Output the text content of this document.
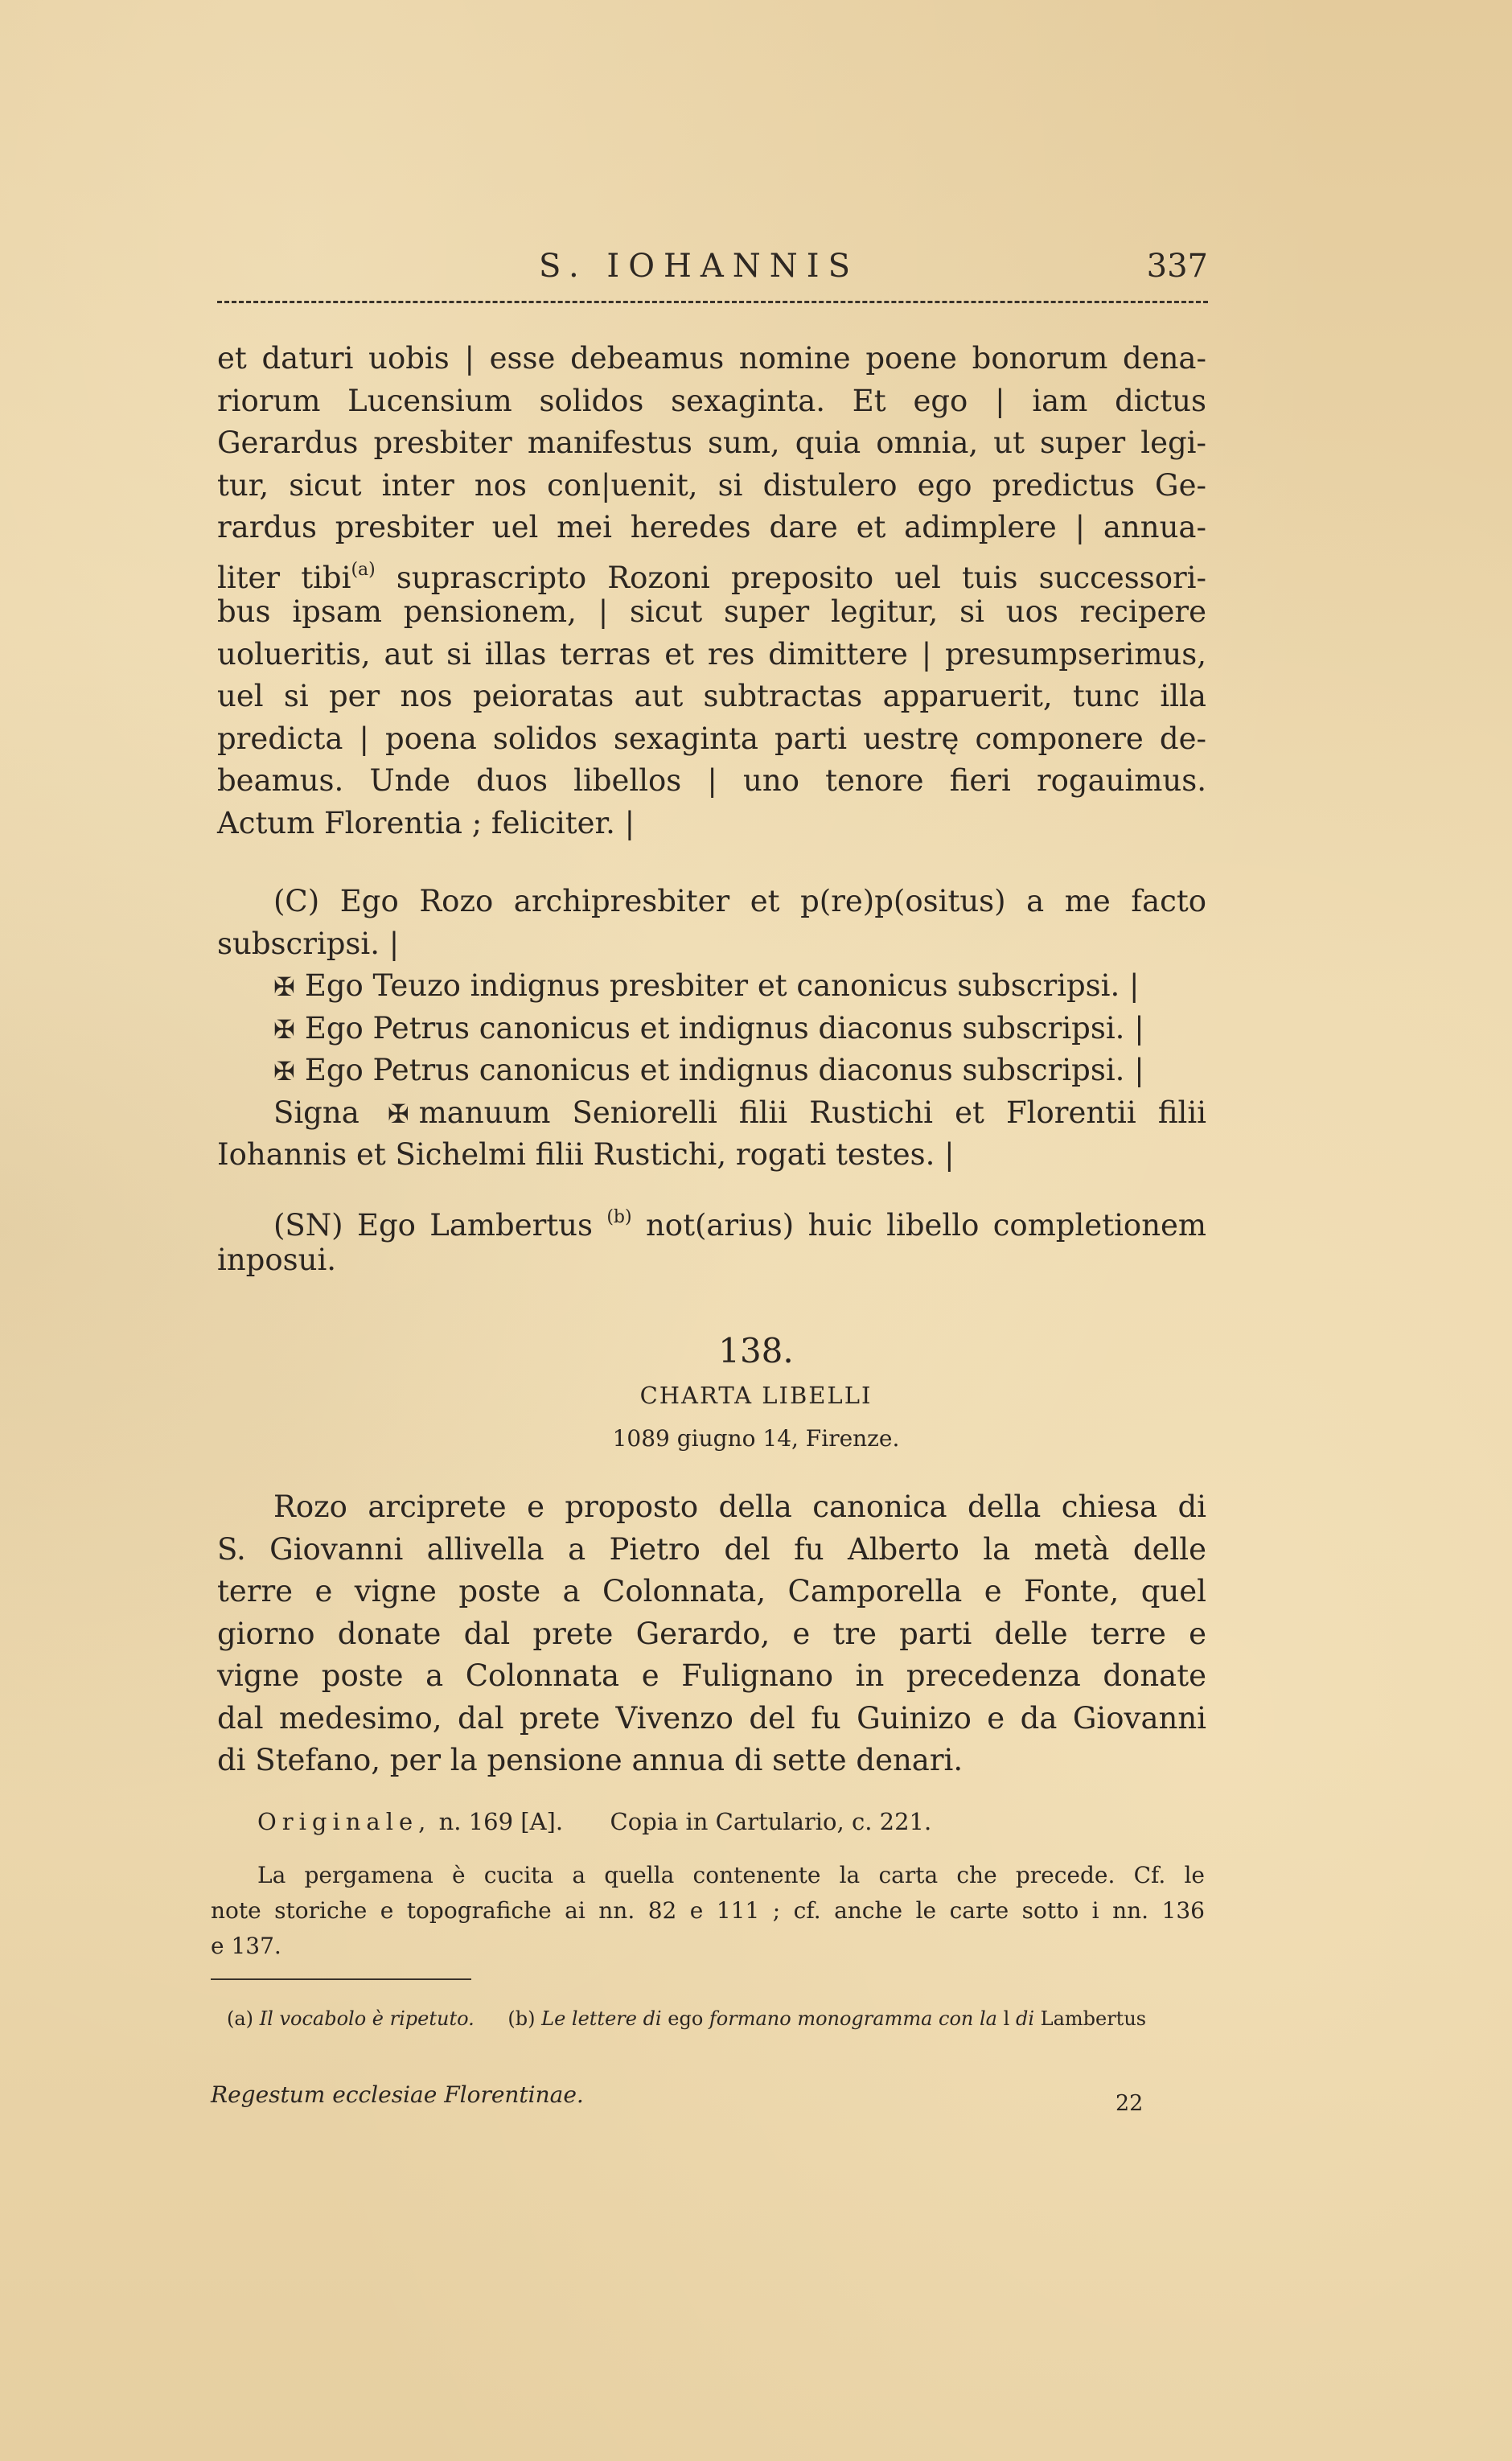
S. IOHANNIS	337
et daturi uobis | esse debeamus nomine poene bonorum dena-
riorum Lucensium solidos sexaginta. Et ego | iam dictus
Gerardus presbiter manifestus sum, quia omnia, ut super legi-
tur, sicut inter nos con|uenit, si distulero ego predictus Ge-
rardus presbiter uel mei heredes dare et adimplere | annua-
liter tibi$^{(a)}$ suprascripto Rozoni preposito uel tuis successori-
bus ipsam pensionem, | sicut super legitur, si uos recipere
uolueritis, aut si illas terras et res dimittere | presumpserimus,
uel si per nos peioratas aut subtractas apparuerit, tunc illa
predicta | poena solidos sexaginta parti uestrę componere de-
beamus. Unde duos libellos | uno tenore fieri rogauimus.
Actum Florentia ; feliciter. |
(C) Ego Rozo archipresbiter et p(re)p(ositus) a me facto
subscripsi. |
✠ Ego Teuzo indignus presbiter et canonicus subscripsi. |
✠ Ego Petrus canonicus et indignus diaconus subscripsi. |
✠ Ego Petrus canonicus et indignus diaconus subscripsi. |
Signa ✠ manuum Seniorelli filii Rustichi et Florentii filii
Iohannis et Sichelmi filii Rustichi, rogati testes. |
(SN) Ego Lambertus $^{(b)}$ not(arius) huic libello completionem
inposui.
138.
CHARTA LIBELLI
1089 giugno 14, Firenze.
Rozo arciprete e proposto della canonica della chiesa di
S. Giovanni allivella a Pietro del fu Alberto la metà delle
terre e vigne poste a Colonnata, Camporella e Fonte, quel
giorno donate dal prete Gerardo, e tre parti delle terre e
vigne poste a Colonnata e Fulignano in precedenza donate
dal medesimo, dal prete Vivenzo del fu Guinizo e da Giovanni
di Stefano, per la pensione annua di sette denari.
Originale, n. 169 [A]. Copia in Cartulario, c. 221.
La pergamena è cucita a quella contenente la carta che precede. Cf. le
note storiche e topografiche ai nn. 82 e 111 ; cf. anche le carte sotto i nn. 136
e 137.
(a) Il vocabolo è ripetuto. (b) Le lettere di ego formano monogramma con la l di Lambertus
Regestum ecclesiae Florentinae.	22
